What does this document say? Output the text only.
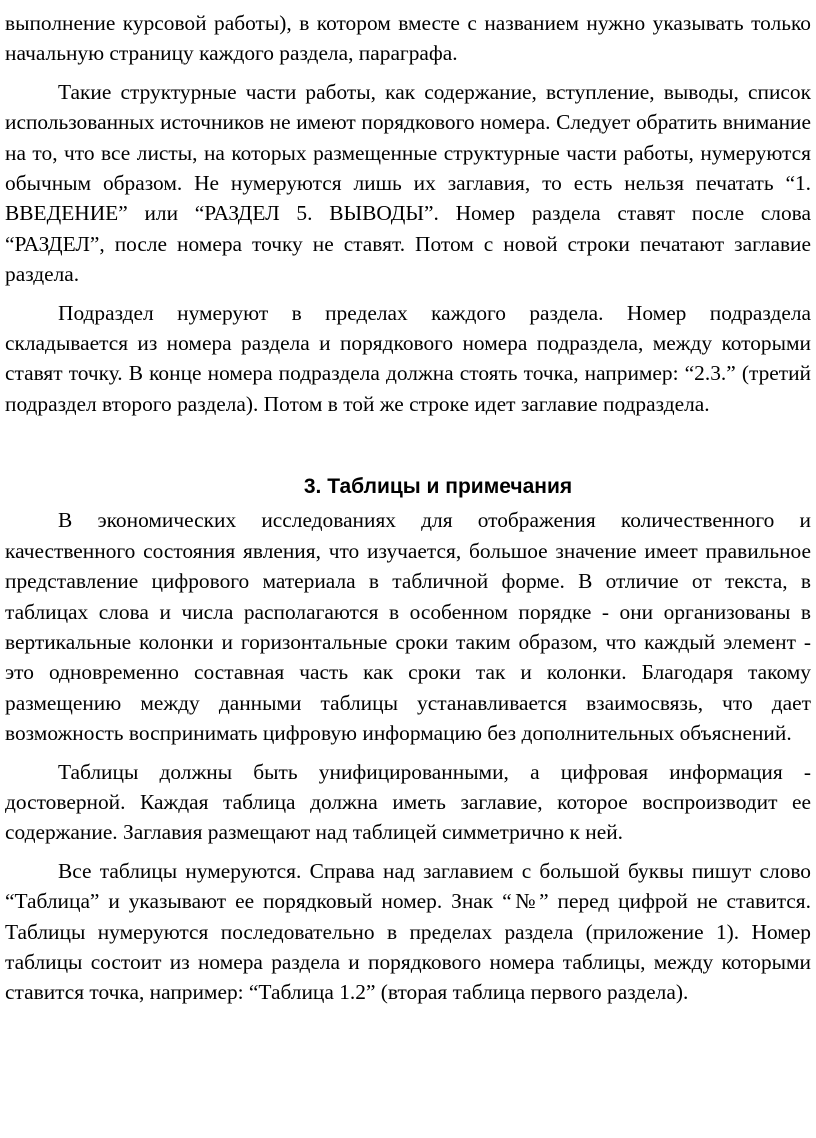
выполнение курсовой работы), в котором вместе с названием нужно указывать только начальную страницу каждого раздела, параграфа.

Такие структурные части работы, как содержание, вступление, выводы, список использованных источников не имеют порядкового номера. Следует обратить внимание на то, что все листы, на которых размещенные структурные части работы, нумеруются обычным образом. Не нумеруются лишь их заглавия, то есть нельзя печатать “1. ВВЕДЕНИЕ” или “РАЗДЕЛ 5. ВЫВОДЫ”. Номер раздела ставят после слова “РАЗДЕЛ”, после номера точку не ставят. Потом с новой строки печатают заглавие раздела.

Подраздел нумеруют в пределах каждого раздела. Номер подраздела складывается из номера раздела и порядкового номера подраздела, между которыми ставят точку. В конце номера подраздела должна стоять точка, например: “2.3.” (третий подраздел второго раздела). Потом в той же строке идет заглавие подраздела.

3. Таблицы и примечания

В экономических исследованиях для отображения количественного и качественного состояния явления, что изучается, большое значение имеет правильное представление цифрового материала в табличной форме. В отличие от текста, в таблицах слова и числа располагаются в особенном порядке - они организованы в вертикальные колонки и горизонтальные сроки таким образом, что каждый элемент - это одновременно составная часть как сроки так и колонки. Благодаря такому размещению между данными таблицы устанавливается взаимосвязь, что дает возможность воспринимать цифровую информацию без дополнительных объяснений.

Таблицы должны быть унифицированными, а цифровая информация - достоверной. Каждая таблица должна иметь заглавие, которое воспроизводит ее содержание. Заглавия размещают над таблицей симметрично к ней.

Все таблицы нумеруются. Справа над заглавием с большой буквы пишут слово “Таблица” и указывают ее порядковый номер. Знак “№” перед цифрой не ставится. Таблицы нумеруются последовательно в пределах раздела (приложение 1). Номер таблицы состоит из номера раздела и порядкового номера таблицы, между которыми ставится точка, например: “Таблица 1.2” (вторая таблица первого раздела).
